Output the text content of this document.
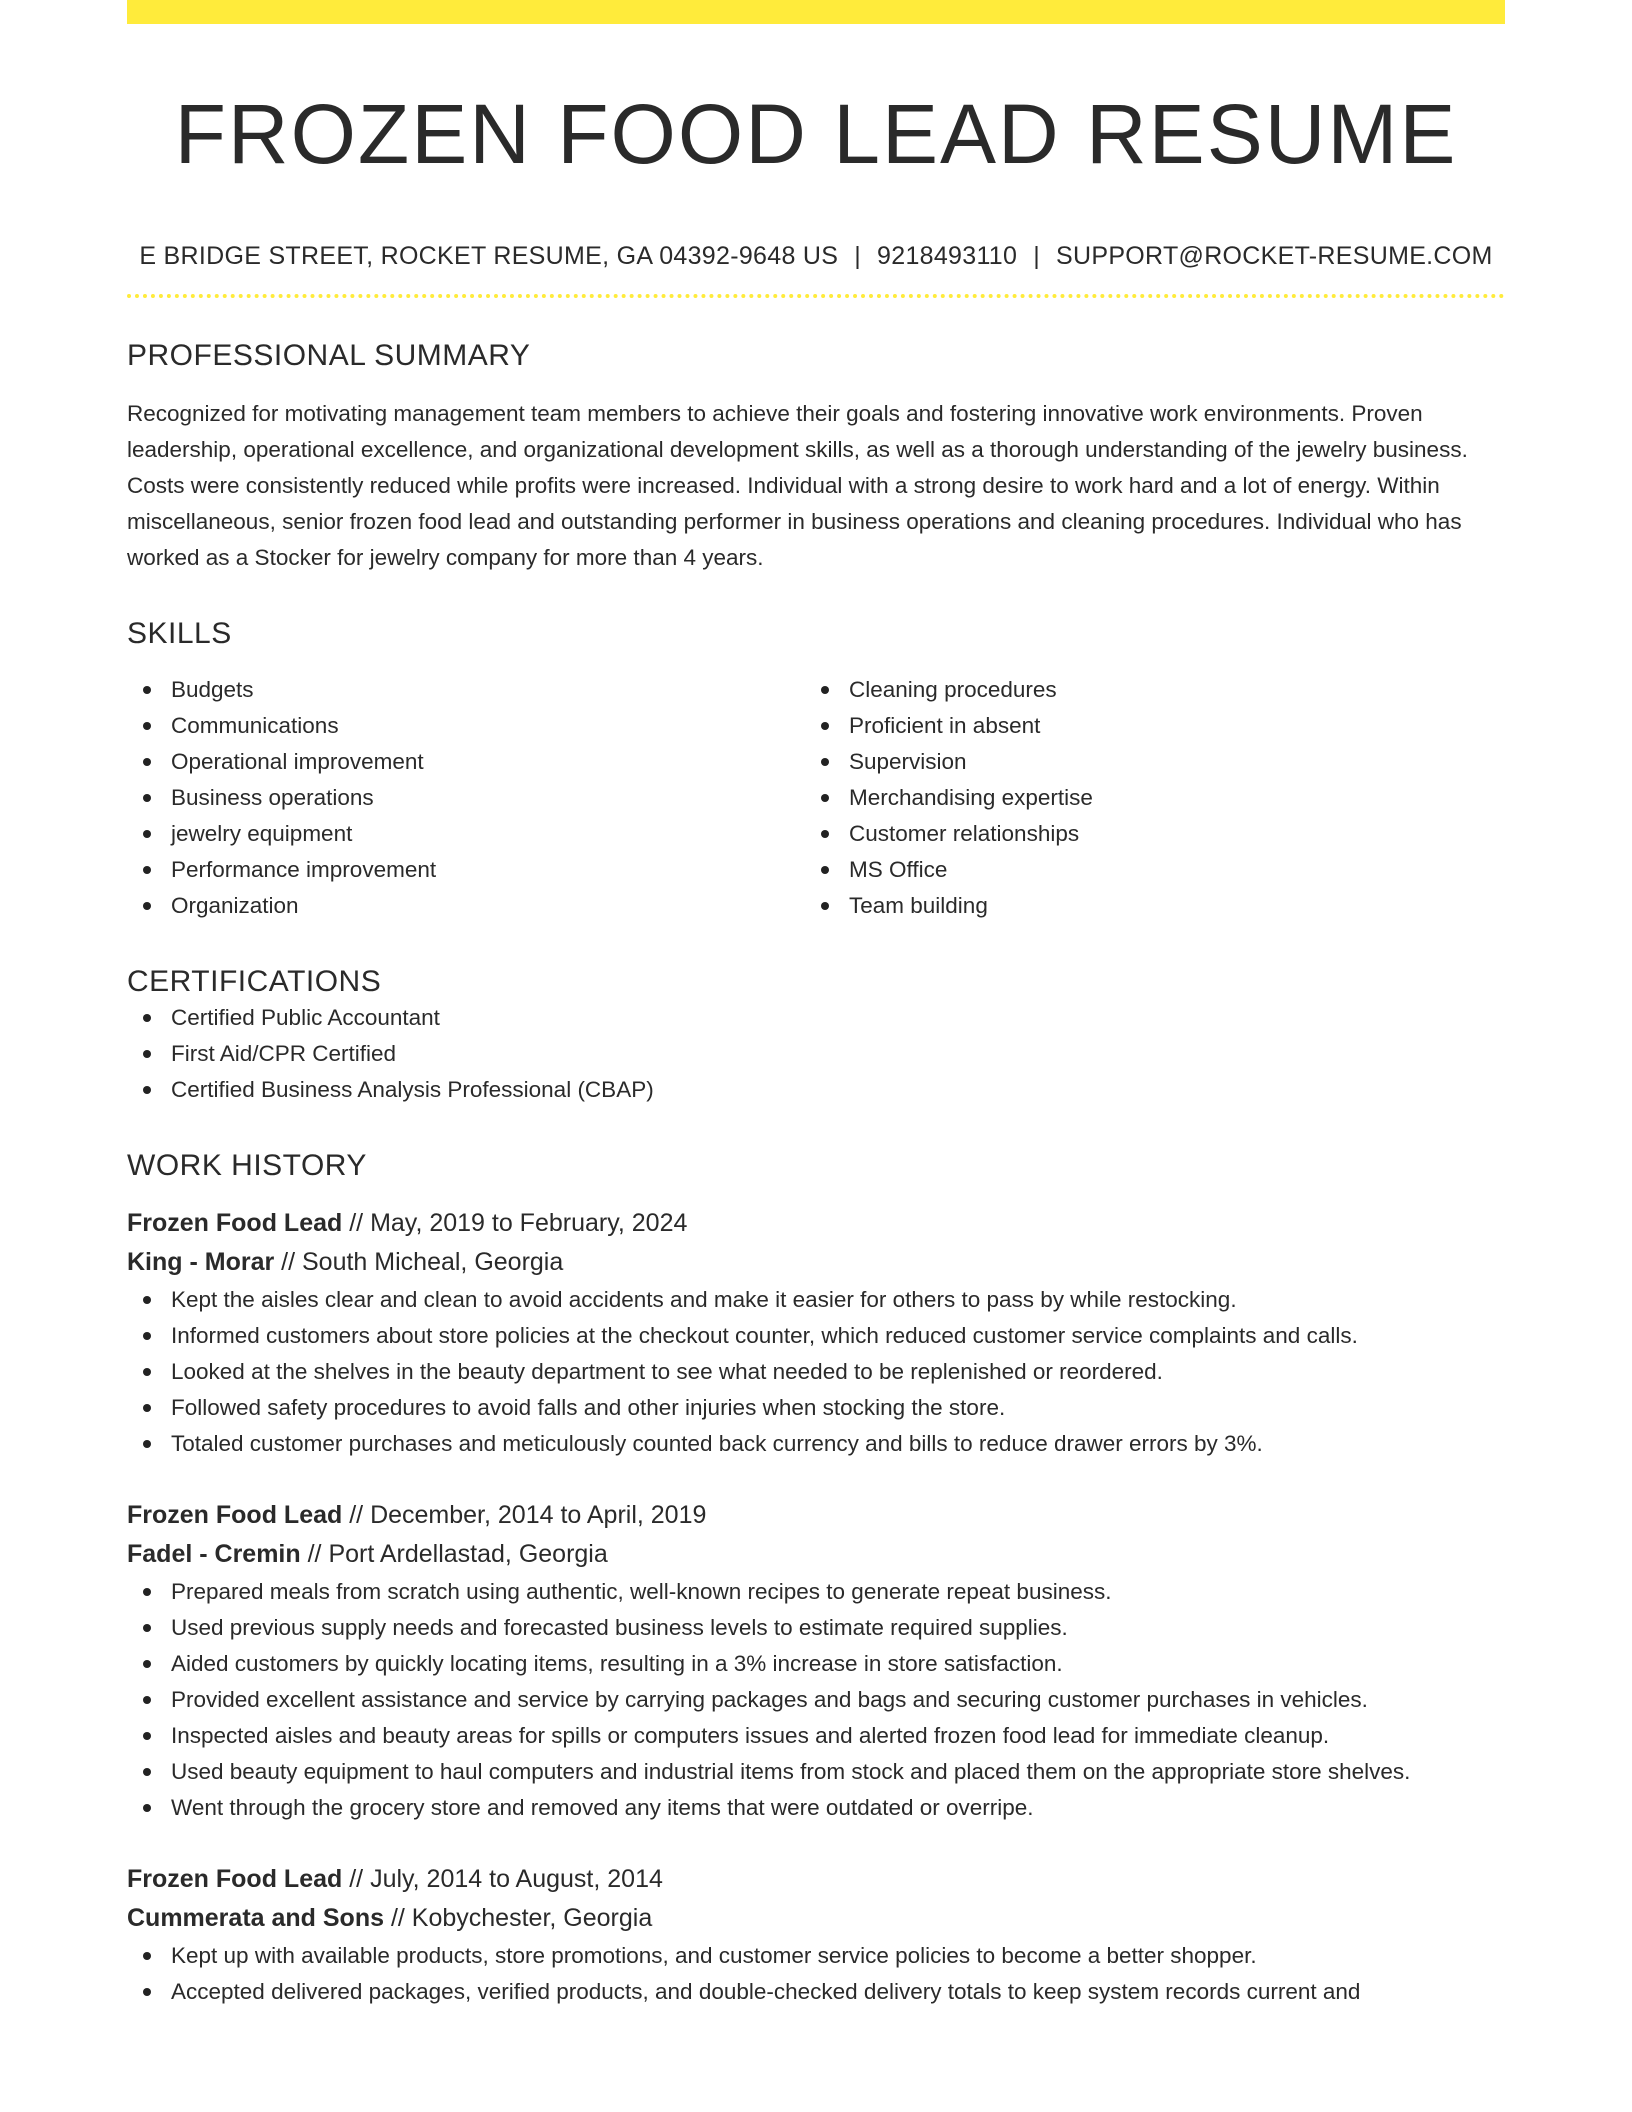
FROZEN FOOD LEAD RESUME
E BRIDGE STREET, ROCKET RESUME, GA 04392-9648 US | 9218493110 | SUPPORT@ROCKET-RESUME.COM
PROFESSIONAL SUMMARY

Recognized for motivating management team members to achieve their goals and fostering innovative work environments. Proven leadership, operational excellence, and organizational development skills, as well as a thorough understanding of the jewelry business. Costs were consistently reduced while profits were increased. Individual with a strong desire to work hard and a lot of energy. Within miscellaneous, senior frozen food lead and outstanding performer in business operations and cleaning procedures. Individual who has worked as a Stocker for jewelry company for more than 4 years.

SKILLS
Budgets
Communications
Operational improvement
Business operations
jewelry equipment
Performance improvement
Organization
Cleaning procedures
Proficient in absent
Supervision
Merchandising expertise
Customer relationships
MS Office
Team building
CERTIFICATIONS
Certified Public Accountant
First Aid/CPR Certified
Certified Business Analysis Professional (CBAP)
WORK HISTORY
Frozen Food Lead // May, 2019 to February, 2024
King - Morar // South Micheal, Georgia
Kept the aisles clear and clean to avoid accidents and make it easier for others to pass by while restocking.
Informed customers about store policies at the checkout counter, which reduced customer service complaints and calls.
Looked at the shelves in the beauty department to see what needed to be replenished or reordered.
Followed safety procedures to avoid falls and other injuries when stocking the store.
Totaled customer purchases and meticulously counted back currency and bills to reduce drawer errors by 3%.
Frozen Food Lead // December, 2014 to April, 2019
Fadel - Cremin // Port Ardellastad, Georgia
Prepared meals from scratch using authentic, well-known recipes to generate repeat business.
Used previous supply needs and forecasted business levels to estimate required supplies.
Aided customers by quickly locating items, resulting in a 3% increase in store satisfaction.
Provided excellent assistance and service by carrying packages and bags and securing customer purchases in vehicles.
Inspected aisles and beauty areas for spills or computers issues and alerted frozen food lead for immediate cleanup.
Used beauty equipment to haul computers and industrial items from stock and placed them on the appropriate store shelves.
Went through the grocery store and removed any items that were outdated or overripe.
Frozen Food Lead // July, 2014 to August, 2014
Cummerata and Sons // Kobychester, Georgia
Kept up with available products, store promotions, and customer service policies to become a better shopper.
Accepted delivered packages, verified products, and double-checked delivery totals to keep system records current and
